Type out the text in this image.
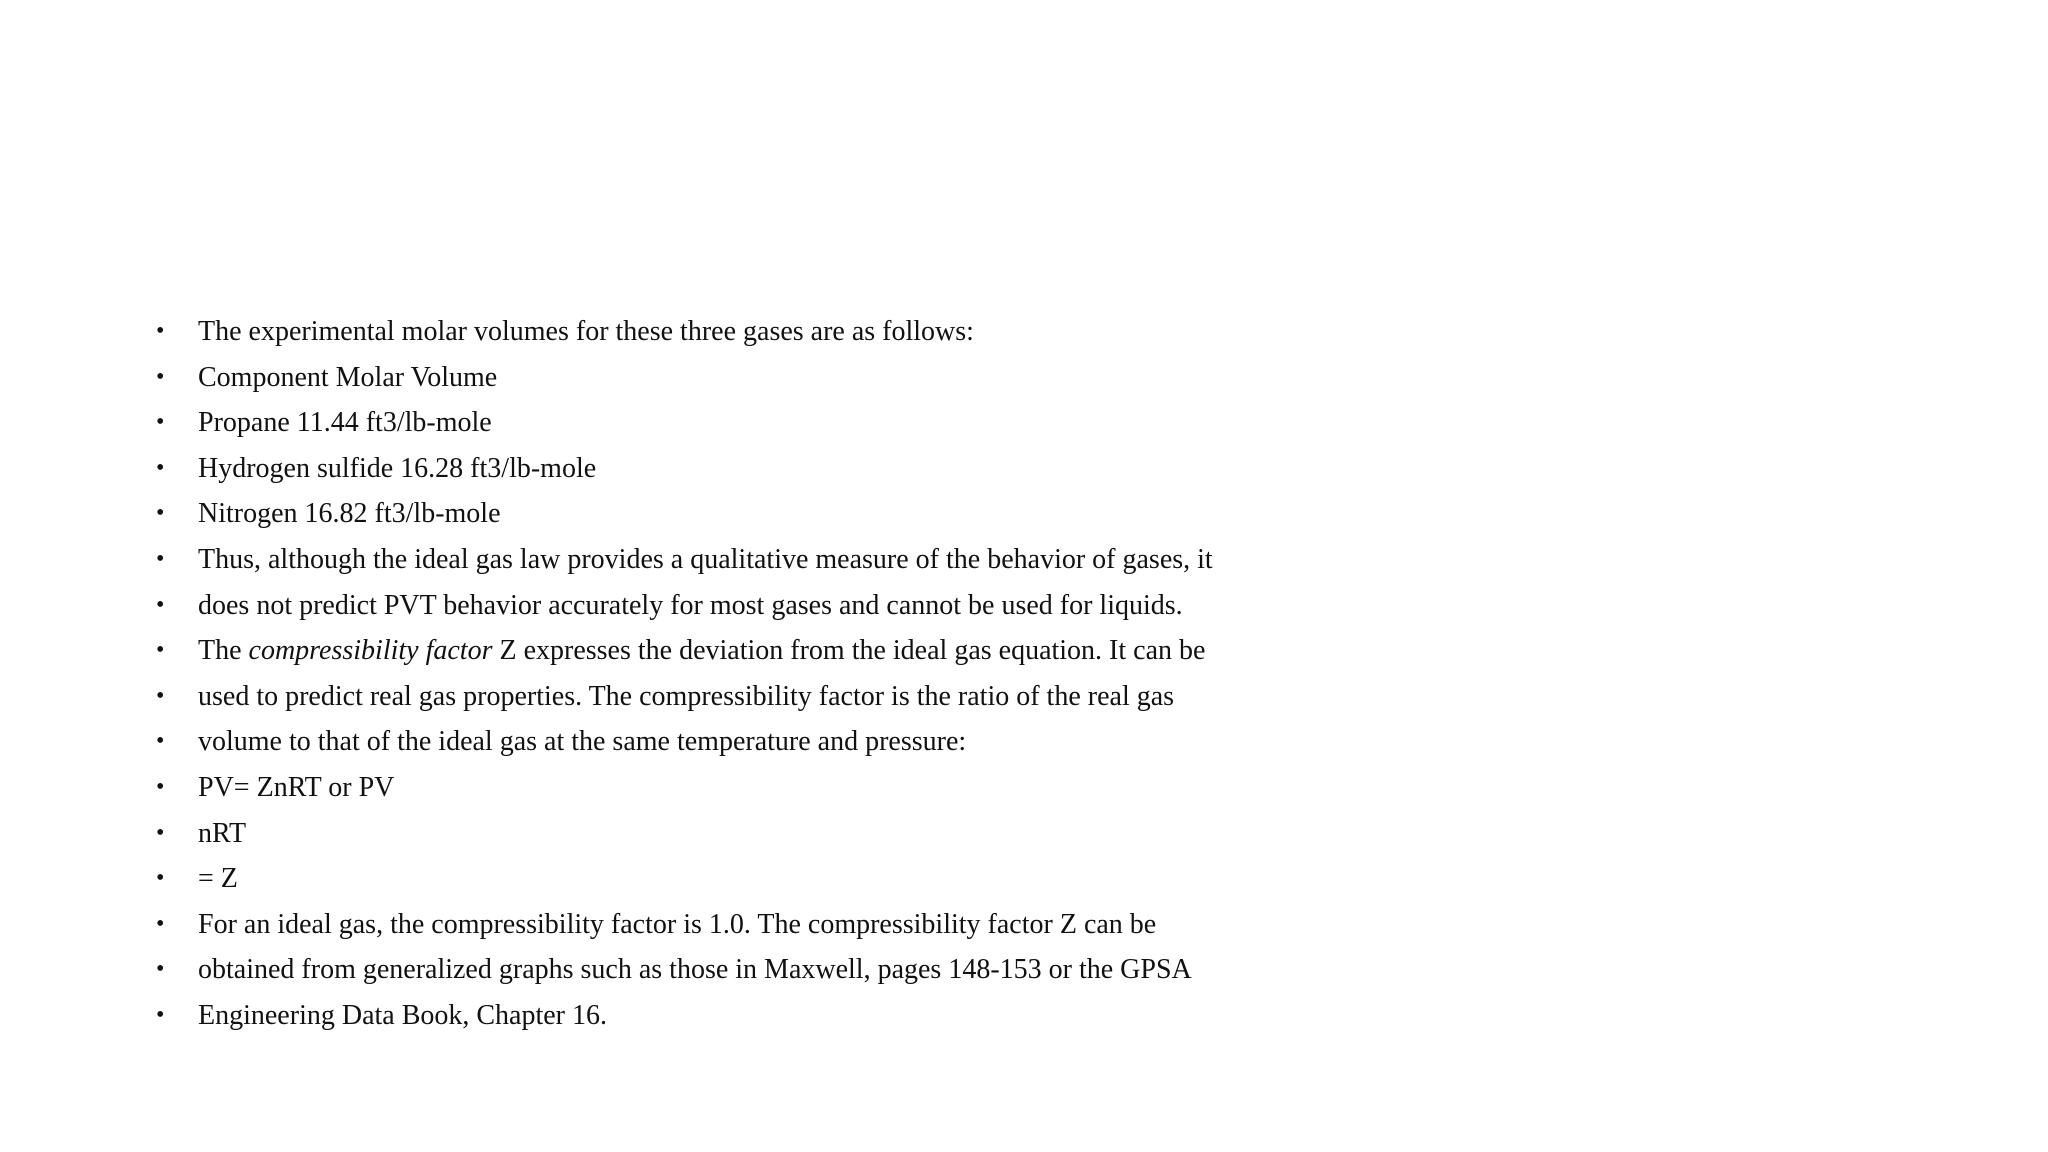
• The experimental molar volumes for these three gases are as follows:
• Component Molar Volume
• Propane 11.44 ft3/lb-mole
• Hydrogen sulfide 16.28 ft3/lb-mole
• Nitrogen 16.82 ft3/lb-mole
• Thus, although the ideal gas law provides a qualitative measure of the behavior of gases, it
• does not predict PVT behavior accurately for most gases and cannot be used for liquids.
• The compressibility factor Z expresses the deviation from the ideal gas equation. It can be
• used to predict real gas properties. The compressibility factor is the ratio of the real gas
• volume to that of the ideal gas at the same temperature and pressure:
• PV= ZnRT or PV
• nRT
• = Z
• For an ideal gas, the compressibility factor is 1.0. The compressibility factor Z can be
• obtained from generalized graphs such as those in Maxwell, pages 148-153 or the GPSA
• Engineering Data Book, Chapter 16.
